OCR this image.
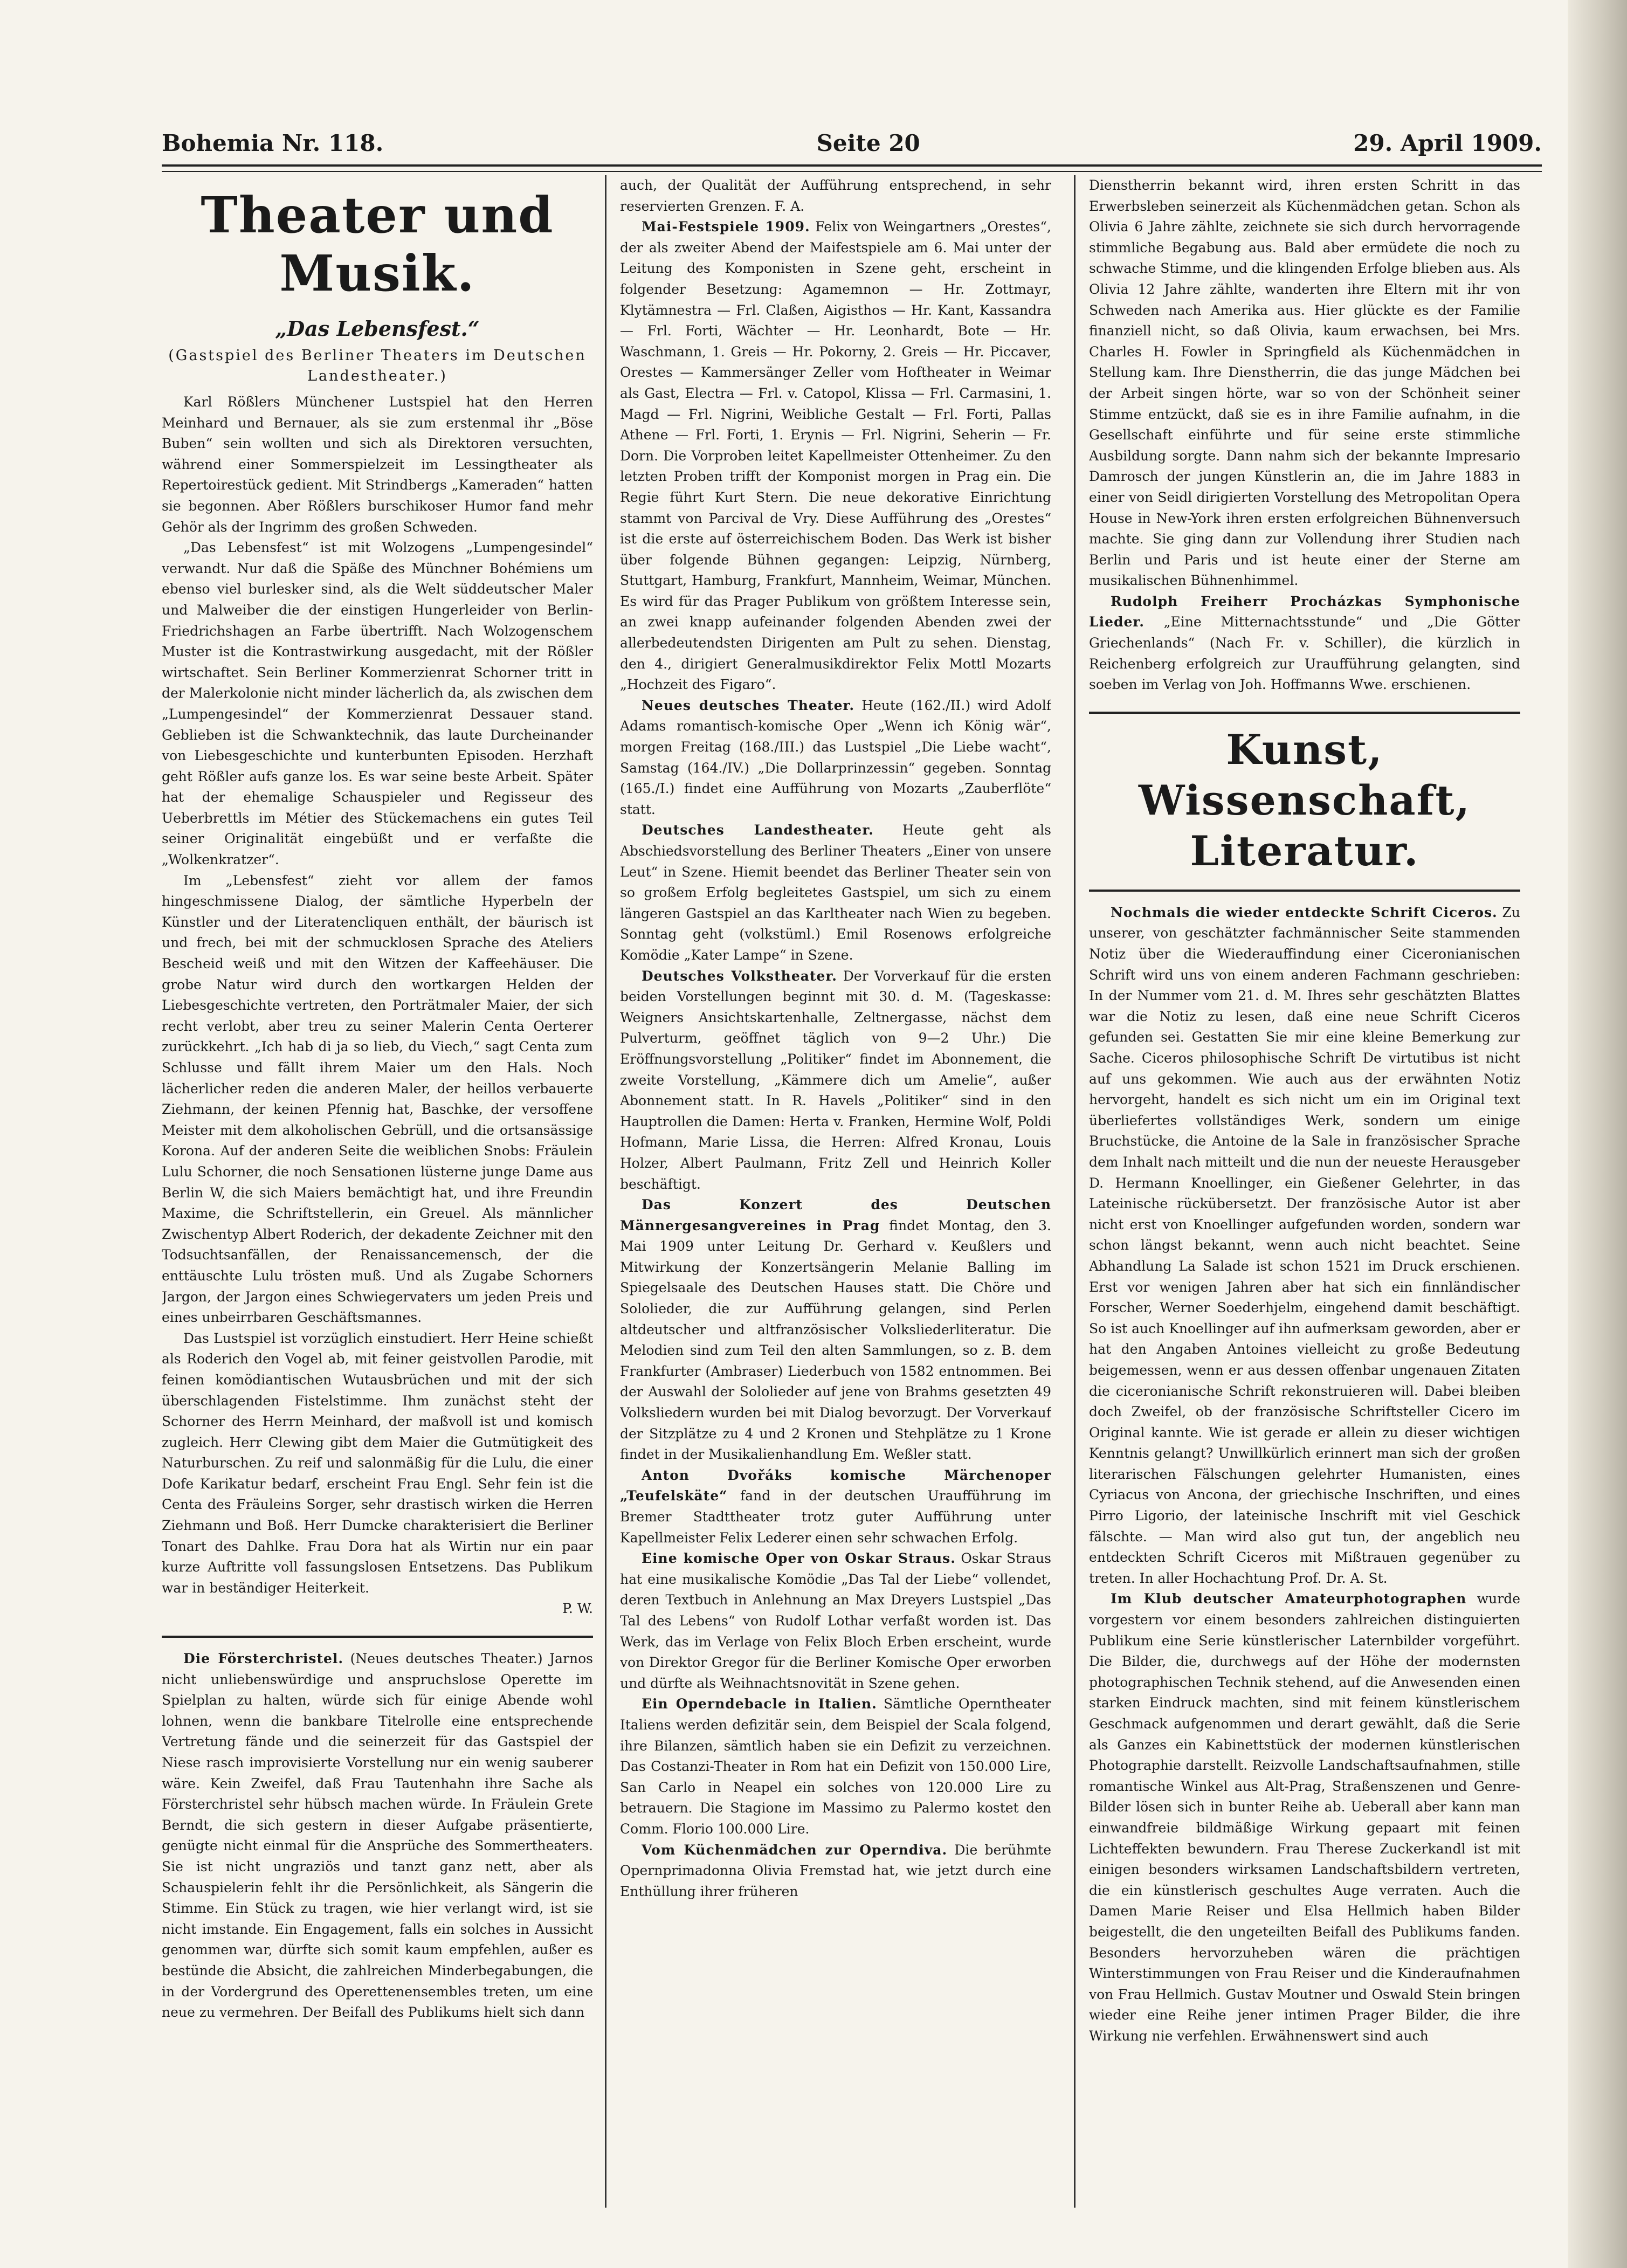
Bohemia Nr. 118.	Seite 20	29. April 1909.
Theater und Musik.
„Das Lebensfest.“
(Gastspiel des Berliner Theaters im Deutschen Landestheater.)

Karl Rößlers Münchener Lustspiel hat den Herren Meinhard und Bernauer, als sie zum erstenmal ihr „Böse Buben“ sein wollten und sich als Direktoren versuchten, während einer Sommerspielzeit im Lessingtheater als Repertoirestück gedient. Mit Strindbergs „Kameraden“ hatten sie begonnen. Aber Rößlers burschikoser Humor fand mehr Gehör als der Ingrimm des großen Schweden.

„Das Lebensfest“ ist mit Wolzogens „Lumpengesindel“ verwandt. Nur daß die Späße des Münchner Bohémiens um ebenso viel burlesker sind, als die Welt süddeutscher Maler und Malweiber die der einstigen Hungerleider von Berlin-Friedrichshagen an Farbe übertrifft. Nach Wolzogenschem Muster ist die Kontrastwirkung ausgedacht, mit der Rößler wirtschaftet. Sein Berliner Kommerzienrat Schorner tritt in der Malerkolonie nicht minder lächerlich da, als zwischen dem „Lumpengesindel“ der Kommerzienrat Dessauer stand. Geblieben ist die Schwanktechnik, das laute Durcheinander von Liebesgeschichte und kunterbunten Episoden. Herzhaft geht Rößler aufs ganze los. Es war seine beste Arbeit. Später hat der ehemalige Schauspieler und Regisseur des Ueberbrettls im Métier des Stückemachens ein gutes Teil seiner Originalität eingebüßt und er verfaßte die „Wolkenkratzer“.

Im „Lebensfest“ zieht vor allem der famos hingeschmissene Dialog, der sämtliche Hyperbeln der Künstler und der Literatencliquen enthält, der bäurisch ist und frech, bei mit der schmucklosen Sprache des Ateliers Bescheid weiß und mit den Witzen der Kaffeehäuser. Die grobe Natur wird durch den wortkargen Helden der Liebesgeschichte vertreten, den Porträtmaler Maier, der sich recht verlobt, aber treu zu seiner Malerin Centa Oerterer zurückkehrt. „Ich hab di ja so lieb, du Viech,“ sagt Centa zum Schlusse und fällt ihrem Maier um den Hals. Noch lächerlicher reden die anderen Maler, der heillos verbauerte Ziehmann, der keinen Pfennig hat, Baschke, der versoffene Meister mit dem alkoholischen Gebrüll, und die ortsansässige Korona. Auf der anderen Seite die weiblichen Snobs: Fräulein Lulu Schorner, die noch Sensationen lüsterne junge Dame aus Berlin W, die sich Maiers bemächtigt hat, und ihre Freundin Maxime, die Schriftstellerin, ein Greuel. Als männlicher Zwischentyp Albert Roderich, der dekadente Zeichner mit den Todsuchtsanfällen, der Renaissancemensch, der die enttäuschte Lulu trösten muß. Und als Zugabe Schorners Jargon, der Jargon eines Schwiegervaters um jeden Preis und eines unbeirrbaren Geschäftsmannes.

Das Lustspiel ist vorzüglich einstudiert. Herr Heine schießt als Roderich den Vogel ab, mit feiner geistvollen Parodie, mit feinen komödiantischen Wutausbrüchen und mit der sich überschlagenden Fistelstimme. Ihm zunächst steht der Schorner des Herrn Meinhard, der maßvoll ist und komisch zugleich. Herr Clewing gibt dem Maier die Gutmütigkeit des Naturburschen. Zu reif und salonmäßig für die Lulu, die einer Dofe Karikatur bedarf, erscheint Frau Engl. Sehr fein ist die Centa des Fräuleins Sorger, sehr drastisch wirken die Herren Ziehmann und Boß. Herr Dumcke charakterisiert die Berliner Tonart des Dahlke. Frau Dora hat als Wirtin nur ein paar kurze Auftritte voll fassungslosen Entsetzens. Das Publikum war in beständiger Heiterkeit.

P. W.

Die Försterchristel. (Neues deutsches Theater.) Jarnos nicht unliebenswürdige und anspruchslose Operette im Spielplan zu halten, würde sich für einige Abende wohl lohnen, wenn die bankbare Titelrolle eine entsprechende Vertretung fände und die seinerzeit für das Gastspiel der Niese rasch improvisierte Vorstellung nur ein wenig sauberer wäre. Kein Zweifel, daß Frau Tautenhahn ihre Sache als Försterchristel sehr hübsch machen würde. In Fräulein Grete Berndt, die sich gestern in dieser Aufgabe präsentierte, genügte nicht einmal für die Ansprüche des Sommertheaters. Sie ist nicht ungraziös und tanzt ganz nett, aber als Schauspielerin fehlt ihr die Persönlichkeit, als Sängerin die Stimme. Ein Stück zu tragen, wie hier verlangt wird, ist sie nicht imstande. Ein Engagement, falls ein solches in Aussicht genommen war, dürfte sich somit kaum empfehlen, außer es bestünde die Absicht, die zahlreichen Minderbegabungen, die in der Vordergrund des Operettenensembles treten, um eine neue zu vermehren. Der Beifall des Publikums hielt sich dann

auch, der Qualität der Aufführung entsprechend, in sehr reservierten Grenzen. F. A.

Mai-Festspiele 1909. Felix von Weingartners „Orestes“, der als zweiter Abend der Maifestspiele am 6. Mai unter der Leitung des Komponisten in Szene geht, erscheint in folgender Besetzung: Agamemnon — Hr. Zottmayr, Klytämnestra — Frl. Claßen, Aigisthos — Hr. Kant, Kassandra — Frl. Forti, Wächter — Hr. Leonhardt, Bote — Hr. Waschmann, 1. Greis — Hr. Pokorny, 2. Greis — Hr. Piccaver, Orestes — Kammersänger Zeller vom Hoftheater in Weimar als Gast, Electra — Frl. v. Catopol, Klissa — Frl. Carmasini, 1. Magd — Frl. Nigrini, Weibliche Gestalt — Frl. Forti, Pallas Athene — Frl. Forti, 1. Erynis — Frl. Nigrini, Seherin — Fr. Dorn. Die Vorproben leitet Kapellmeister Ottenheimer. Zu den letzten Proben trifft der Komponist morgen in Prag ein. Die Regie führt Kurt Stern. Die neue dekorative Einrichtung stammt von Parcival de Vry. Diese Aufführung des „Orestes“ ist die erste auf österreichischem Boden. Das Werk ist bisher über folgende Bühnen gegangen: Leipzig, Nürnberg, Stuttgart, Hamburg, Frankfurt, Mannheim, Weimar, München. Es wird für das Prager Publikum von größtem Interesse sein, an zwei knapp aufeinander folgenden Abenden zwei der allerbedeutendsten Dirigenten am Pult zu sehen. Dienstag, den 4., dirigiert Generalmusikdirektor Felix Mottl Mozarts „Hochzeit des Figaro“.

Neues deutsches Theater. Heute (162./II.) wird Adolf Adams romantisch-komische Oper „Wenn ich König wär“, morgen Freitag (168./III.) das Lustspiel „Die Liebe wacht“, Samstag (164./IV.) „Die Dollarprinzessin“ gegeben. Sonntag (165./I.) findet eine Aufführung von Mozarts „Zauberflöte“ statt.

Deutsches Landestheater. Heute geht als Abschiedsvorstellung des Berliner Theaters „Einer von unsere Leut“ in Szene. Hiemit beendet das Berliner Theater sein von so großem Erfolg begleitetes Gastspiel, um sich zu einem längeren Gastspiel an das Karltheater nach Wien zu begeben. Sonntag geht (volkstüml.) Emil Rosenows erfolgreiche Komödie „Kater Lampe“ in Szene.

Deutsches Volkstheater. Der Vorverkauf für die ersten beiden Vorstellungen beginnt mit 30. d. M. (Tageskasse: Weigners Ansichtskartenhalle, Zeltnergasse, nächst dem Pulverturm, geöffnet täglich von 9—2 Uhr.) Die Eröffnungsvorstellung „Politiker“ findet im Abonnement, die zweite Vorstellung, „Kämmere dich um Amelie“, außer Abonnement statt. In R. Havels „Politiker“ sind in den Hauptrollen die Damen: Herta v. Franken, Hermine Wolf, Poldi Hofmann, Marie Lissa, die Herren: Alfred Kronau, Louis Holzer, Albert Paulmann, Fritz Zell und Heinrich Koller beschäftigt.

Das Konzert des Deutschen Männergesangvereines in Prag findet Montag, den 3. Mai 1909 unter Leitung Dr. Gerhard v. Keußlers und Mitwirkung der Konzertsängerin Melanie Balling im Spiegelsaale des Deutschen Hauses statt. Die Chöre und Sololieder, die zur Aufführung gelangen, sind Perlen altdeutscher und altfranzösischer Volksliederliteratur. Die Melodien sind zum Teil den alten Sammlungen, so z. B. dem Frankfurter (Ambraser) Liederbuch von 1582 entnommen. Bei der Auswahl der Sololieder auf jene von Brahms gesetzten 49 Volksliedern wurden bei mit Dialog bevorzugt. Der Vorverkauf der Sitzplätze zu 4 und 2 Kronen und Stehplätze zu 1 Krone findet in der Musikalienhandlung Em. Weßler statt.

Anton Dvořáks komische Märchenoper „Teufelskäte“ fand in der deutschen Uraufführung im Bremer Stadttheater trotz guter Aufführung unter Kapellmeister Felix Lederer einen sehr schwachen Erfolg.

Eine komische Oper von Oskar Straus. Oskar Straus hat eine musikalische Komödie „Das Tal der Liebe“ vollendet, deren Textbuch in Anlehnung an Max Dreyers Lustspiel „Das Tal des Lebens“ von Rudolf Lothar verfaßt worden ist. Das Werk, das im Verlage von Felix Bloch Erben erscheint, wurde von Direktor Gregor für die Berliner Komische Oper erworben und dürfte als Weihnachtsnovität in Szene gehen.

Ein Operndebacle in Italien. Sämtliche Operntheater Italiens werden defizitär sein, dem Beispiel der Scala folgend, ihre Bilanzen, sämtlich haben sie ein Defizit zu verzeichnen. Das Costanzi-Theater in Rom hat ein Defizit von 150.000 Lire, San Carlo in Neapel ein solches von 120.000 Lire zu betrauern. Die Stagione im Massimo zu Palermo kostet den Comm. Florio 100.000 Lire.

Vom Küchenmädchen zur Operndiva. Die berühmte Opernprimadonna Olivia Fremstad hat, wie jetzt durch eine Enthüllung ihrer früheren

Dienstherrin bekannt wird, ihren ersten Schritt in das Erwerbsleben seinerzeit als Küchenmädchen getan. Schon als Olivia 6 Jahre zählte, zeichnete sie sich durch hervorragende stimmliche Begabung aus. Bald aber ermüdete die noch zu schwache Stimme, und die klingenden Erfolge blieben aus. Als Olivia 12 Jahre zählte, wanderten ihre Eltern mit ihr von Schweden nach Amerika aus. Hier glückte es der Familie finanziell nicht, so daß Olivia, kaum erwachsen, bei Mrs. Charles H. Fowler in Springfield als Küchenmädchen in Stellung kam. Ihre Dienstherrin, die das junge Mädchen bei der Arbeit singen hörte, war so von der Schönheit seiner Stimme entzückt, daß sie es in ihre Familie aufnahm, in die Gesellschaft einführte und für seine erste stimmliche Ausbildung sorgte. Dann nahm sich der bekannte Impresario Damrosch der jungen Künstlerin an, die im Jahre 1883 in einer von Seidl dirigierten Vorstellung des Metropolitan Opera House in New-York ihren ersten erfolgreichen Bühnenversuch machte. Sie ging dann zur Vollendung ihrer Studien nach Berlin und Paris und ist heute einer der Sterne am musikalischen Bühnenhimmel.

Rudolph Freiherr Procházkas Symphonische Lieder. „Eine Mitternachtsstunde“ und „Die Götter Griechenlands“ (Nach Fr. v. Schiller), die kürzlich in Reichenberg erfolgreich zur Uraufführung gelangten, sind soeben im Verlag von Joh. Hoffmanns Wwe. erschienen.

Kunst, Wissenschaft, Literatur.

Nochmals die wieder entdeckte Schrift Ciceros. Zu unserer, von geschätzter fachmännischer Seite stammenden Notiz über die Wiederauffindung einer Ciceronianischen Schrift wird uns von einem anderen Fachmann geschrieben: In der Nummer vom 21. d. M. Ihres sehr geschätzten Blattes war die Notiz zu lesen, daß eine neue Schrift Ciceros gefunden sei. Gestatten Sie mir eine kleine Bemerkung zur Sache. Ciceros philosophische Schrift De virtutibus ist nicht auf uns gekommen. Wie auch aus der erwähnten Notiz hervorgeht, handelt es sich nicht um ein im Original text überliefertes vollständiges Werk, sondern um einige Bruchstücke, die Antoine de la Sale in französischer Sprache dem Inhalt nach mitteilt und die nun der neueste Herausgeber D. Hermann Knoellinger, ein Gießener Gelehrter, in das Lateinische rückübersetzt. Der französische Autor ist aber nicht erst von Knoellinger aufgefunden worden, sondern war schon längst bekannt, wenn auch nicht beachtet. Seine Abhandlung La Salade ist schon 1521 im Druck erschienen. Erst vor wenigen Jahren aber hat sich ein finnländischer Forscher, Werner Soederhjelm, eingehend damit beschäftigt. So ist auch Knoellinger auf ihn aufmerksam geworden, aber er hat den Angaben Antoines vielleicht zu große Bedeutung beigemessen, wenn er aus dessen offenbar ungenauen Zitaten die ciceronianische Schrift rekonstruieren will. Dabei bleiben doch Zweifel, ob der französische Schriftsteller Cicero im Original kannte. Wie ist gerade er allein zu dieser wichtigen Kenntnis gelangt? Unwillkürlich erinnert man sich der großen literarischen Fälschungen gelehrter Humanisten, eines Cyriacus von Ancona, der griechische Inschriften, und eines Pirro Ligorio, der lateinische Inschrift mit viel Geschick fälschte. — Man wird also gut tun, der angeblich neu entdeckten Schrift Ciceros mit Mißtrauen gegenüber zu treten. In aller Hochachtung Prof. Dr. A. St.

Im Klub deutscher Amateurphotographen wurde vorgestern vor einem besonders zahlreichen distinguierten Publikum eine Serie künstlerischer Laternbilder vorgeführt. Die Bilder, die, durchwegs auf der Höhe der modernsten photographischen Technik stehend, auf die Anwesenden einen starken Eindruck machten, sind mit feinem künstlerischem Geschmack aufgenommen und derart gewählt, daß die Serie als Ganzes ein Kabinettstück der modernen künstlerischen Photographie darstellt. Reizvolle Landschaftsaufnahmen, stille romantische Winkel aus Alt-Prag, Straßenszenen und Genre-Bilder lösen sich in bunter Reihe ab. Ueberall aber kann man einwandfreie bildmäßige Wirkung gepaart mit feinen Lichteffekten bewundern. Frau Therese Zuckerkandl ist mit einigen besonders wirksamen Landschaftsbildern vertreten, die ein künstlerisch geschultes Auge verraten. Auch die Damen Marie Reiser und Elsa Hellmich haben Bilder beigestellt, die den ungeteilten Beifall des Publikums fanden. Besonders hervorzuheben wären die prächtigen Winterstimmungen von Frau Reiser und die Kinderaufnahmen von Frau Hellmich. Gustav Moutner und Oswald Stein bringen wieder eine Reihe jener intimen Prager Bilder, die ihre Wirkung nie verfehlen. Erwähnenswert sind auch
